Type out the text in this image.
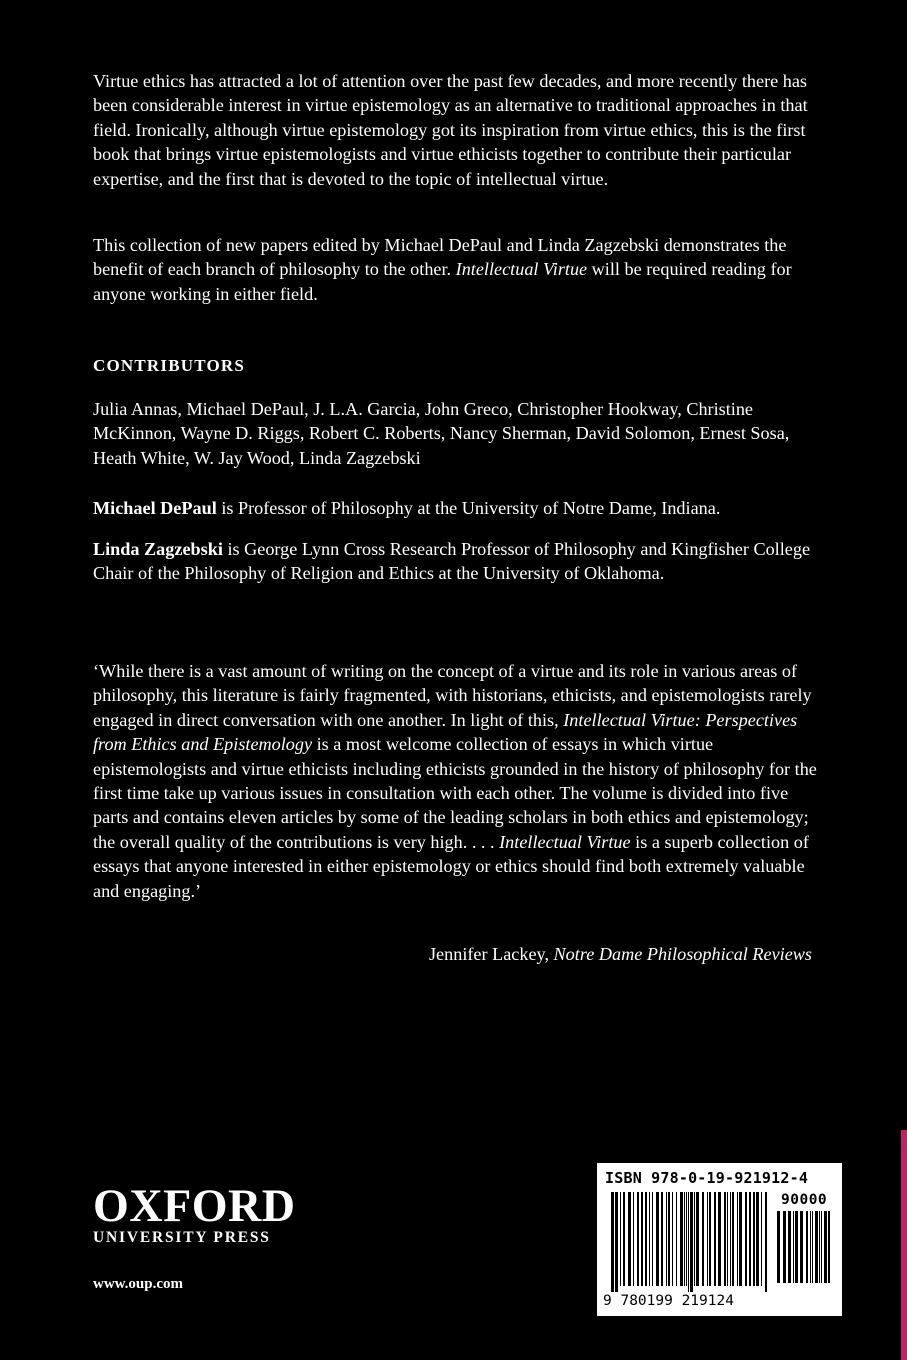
Virtue ethics has attracted a lot of attention over the past few decades, and more recently there has been considerable interest in virtue epistemology as an alternative to traditional approaches in that field. Ironically, although virtue epistemology got its inspiration from virtue ethics, this is the first book that brings virtue epistemologists and virtue ethicists together to contribute their particular expertise, and the first that is devoted to the topic of intellectual virtue.

This collection of new papers edited by Michael DePaul and Linda Zagzebski demonstrates the benefit of each branch of philosophy to the other. Intellectual Virtue will be required reading for anyone working in either field.

CONTRIBUTORS

Julia Annas, Michael DePaul, J. L.A. Garcia, John Greco, Christopher Hookway, Christine McKinnon, Wayne D. Riggs, Robert C. Roberts, Nancy Sherman, David Solomon, Ernest Sosa, Heath White, W. Jay Wood, Linda Zagzebski

Michael DePaul is Professor of Philosophy at the University of Notre Dame, Indiana.

Linda Zagzebski is George Lynn Cross Research Professor of Philosophy and Kingfisher College Chair of the Philosophy of Religion and Ethics at the University of Oklahoma.

‘While there is a vast amount of writing on the concept of a virtue and its role in various areas of philosophy, this literature is fairly fragmented, with historians, ethicists, and epistemologists rarely engaged in direct conversation with one another. In light of this, Intellectual Virtue: Perspectives from Ethics and Epistemology is a most welcome collection of essays in which virtue epistemologists and virtue ethicists including ethicists grounded in the history of philosophy for the first time take up various issues in consultation with each other. The volume is divided into five parts and contains eleven articles by some of the leading scholars in both ethics and epistemology; the overall quality of the contributions is very high. . . . Intellectual Virtue is a superb collection of essays that anyone interested in either epistemology or ethics should find both extremely valuable and engaging.’

Jennifer Lackey, Notre Dame Philosophical Reviews

OXFORD
UNIVERSITY PRESS

www.oup.com

ISBN 978-0-19-921912-4
90000
9 780199 219124
